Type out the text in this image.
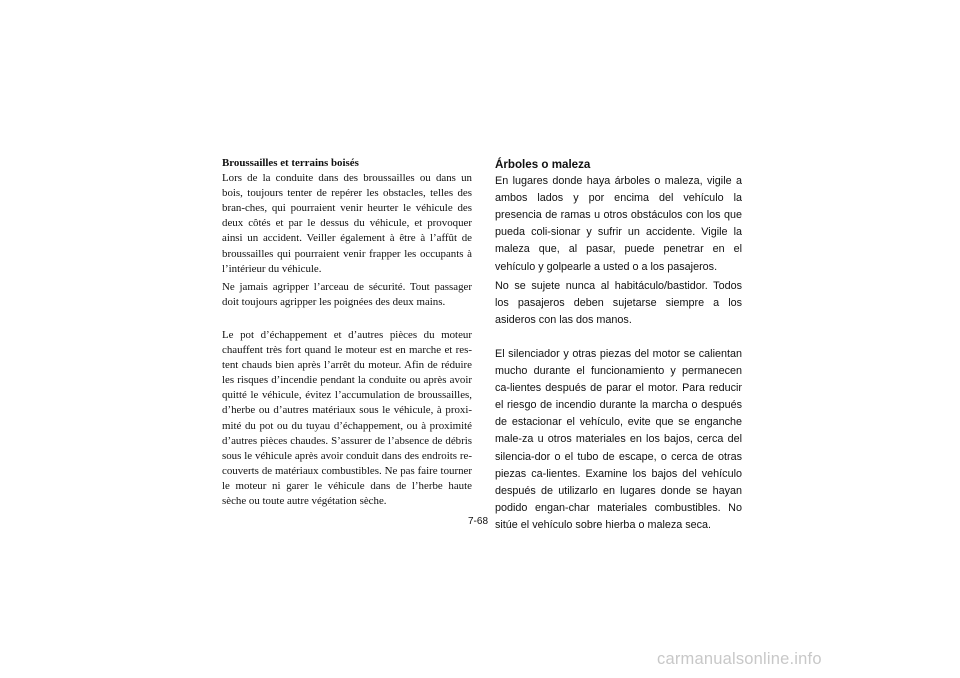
Broussailles et terrains boisés

Lors de la conduite dans des broussailles ou dans un bois, toujours tenter de repérer les obstacles, telles des bran-ches, qui pourraient venir heurter le véhicule des deux côtés et par le dessus du véhicule, et provoquer ainsi un accident. Veiller également à être à l’affût de broussailles qui pourraient venir frapper les occupants à l’intérieur du véhicule.

Ne jamais agripper l’arceau de sécurité. Tout passager doit toujours agripper les poignées des deux mains.

Le pot d’échappement et d’autres pièces du moteur chauffent très fort quand le moteur est en marche et res-tent chauds bien après l’arrêt du moteur. Afin de réduire les risques d’incendie pendant la conduite ou après avoir quitté le véhicule, évitez l’accumulation de broussailles, d’herbe ou d’autres matériaux sous le véhicule, à proxi-mité du pot ou du tuyau d’échappement, ou à proximité d’autres pièces chaudes. S’assurer de l’absence de débris sous le véhicule après avoir conduit dans des endroits re-couverts de matériaux combustibles. Ne pas faire tourner le moteur ni garer le véhicule dans de l’herbe haute sèche ou toute autre végétation sèche.

Árboles o maleza

En lugares donde haya árboles o maleza, vigile a ambos lados y por encima del vehículo la presencia de ramas u otros obstáculos con los que pueda coli-sionar y sufrir un accidente. Vigile la maleza que, al pasar, puede penetrar en el vehículo y golpearle a usted o a los pasajeros.

No se sujete nunca al habitáculo/bastidor. Todos los pasajeros deben sujetarse siempre a los asideros con las dos manos.

El silenciador y otras piezas del motor se calientan mucho durante el funcionamiento y permanecen ca-lientes después de parar el motor. Para reducir el riesgo de incendio durante la marcha o después de estacionar el vehículo, evite que se enganche male-za u otros materiales en los bajos, cerca del silencia-dor o el tubo de escape, o cerca de otras piezas ca-lientes. Examine los bajos del vehículo después de utilizarlo en lugares donde se hayan podido engan-char materiales combustibles. No sitúe el vehículo sobre hierba o maleza seca.

7-68
carmanualsonline.info
